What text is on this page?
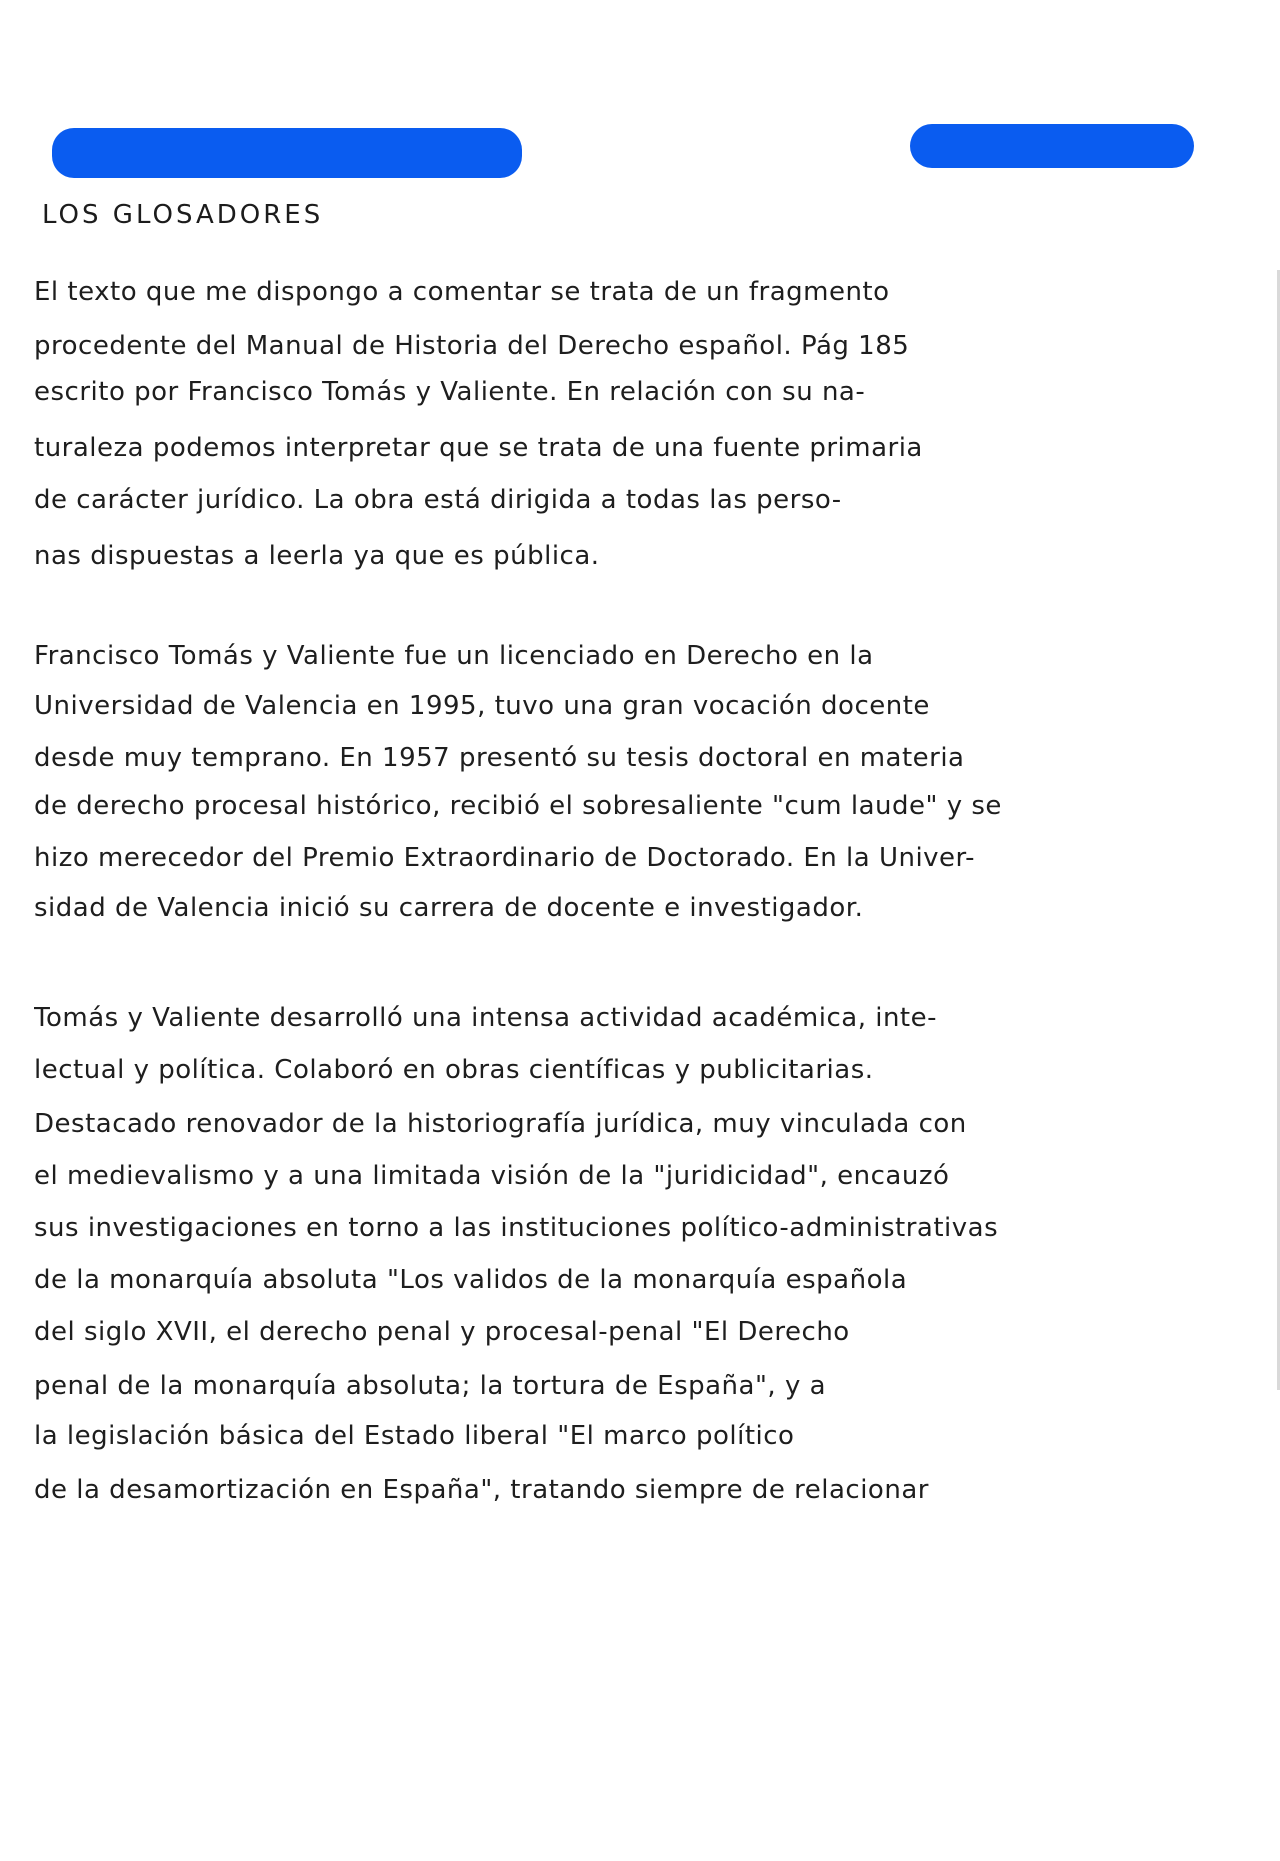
LOS GLOSADORES
El texto que me dispongo a comentar se trata de un fragmento
procedente del Manual de Historia del Derecho español. Pág 185
escrito por Francisco Tomás y Valiente. En relación con su na-
turaleza podemos interpretar que se trata de una fuente primaria
de carácter jurídico. La obra está dirigida a todas las perso-
nas dispuestas a leerla ya que es pública.
Francisco Tomás y Valiente fue un licenciado en Derecho en la
Universidad de Valencia en 1995, tuvo una gran vocación docente
desde muy temprano. En 1957 presentó su tesis doctoral en materia
de derecho procesal histórico, recibió el sobresaliente "cum laude" y se
hizo merecedor del Premio Extraordinario de Doctorado. En la Univer-
sidad de Valencia inició su carrera de docente e investigador.
Tomás y Valiente desarrolló una intensa actividad académica, inte-
lectual y política. Colaboró en obras científicas y publicitarias.
Destacado renovador de la historiografía jurídica, muy vinculada con
el medievalismo y a una limitada visión de la "juridicidad", encauzó
sus investigaciones en torno a las instituciones político-administrativas
de la monarquía absoluta "Los validos de la monarquía española
del siglo XVII, el derecho penal y procesal-penal "El Derecho
penal de la monarquía absoluta; la tortura de España", y a
la legislación básica del Estado liberal "El marco político
de la desamortización en España", tratando siempre de relacionar
